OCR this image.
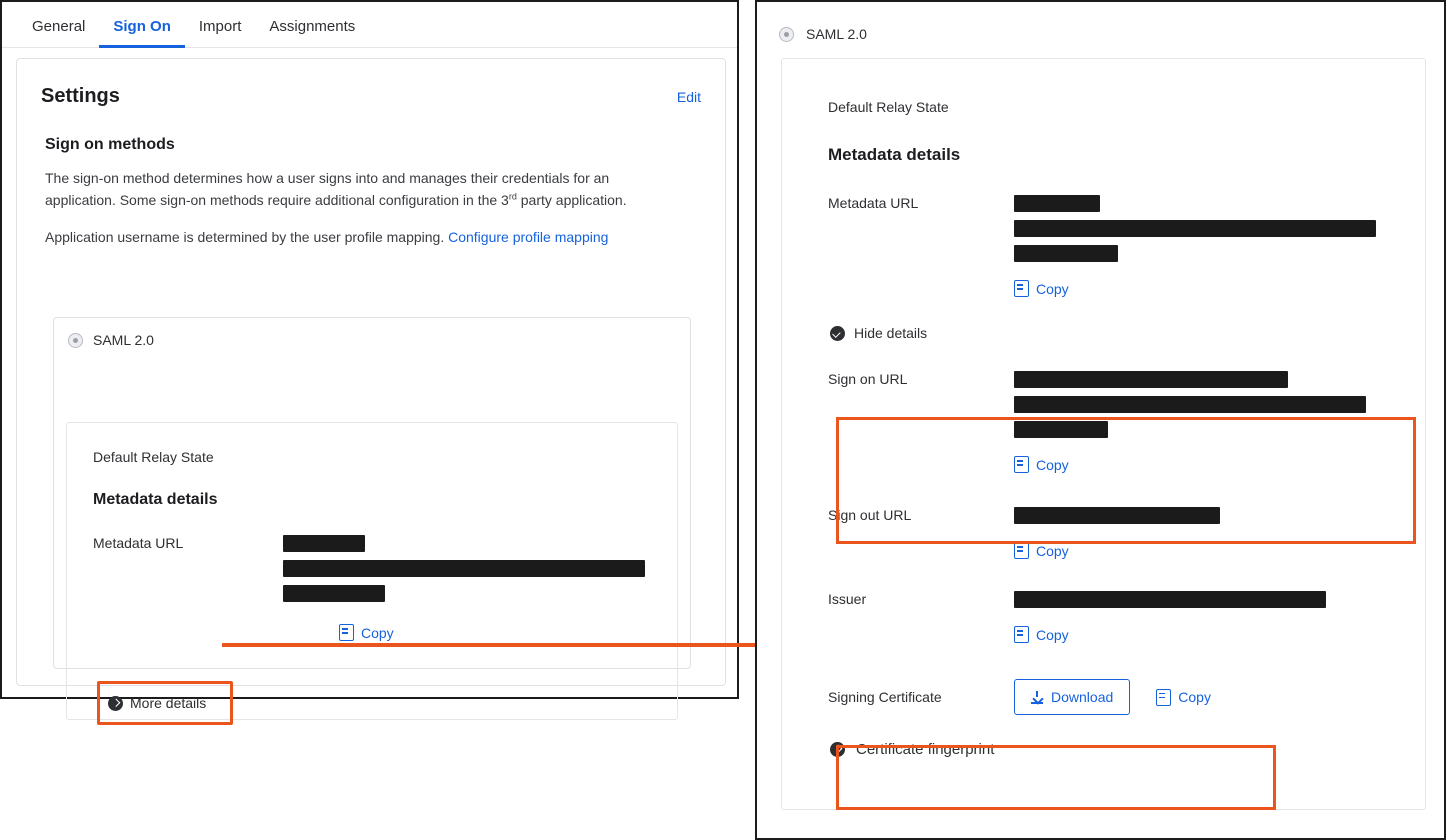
General	Sign On	Import	Assignments
Settings	Edit
Sign on methods
The sign-on method determines how a user signs into and manages their credentials for an application. Some sign-on methods require additional configuration in the 3rd party application.
Application username is determined by the user profile mapping. Configure profile mapping
SAML 2.0
Default Relay State
Metadata details
Metadata URL
Copy
More details
SAML 2.0
Default Relay State
Metadata details
Metadata URL
Copy
Hide details
Sign on URL
Copy
Sign out URL
Copy
Issuer
Copy
Signing Certificate	Download	Copy
Certificate fingerprint
